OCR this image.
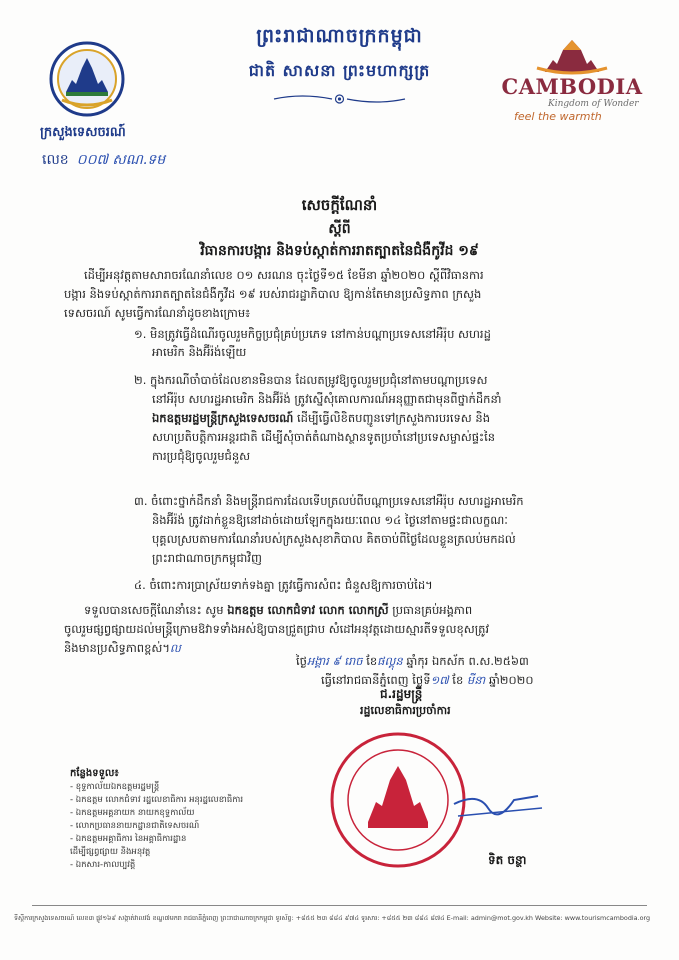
ព្រះរាជាណាចក្រកម្ពុជា
ជាតិ សាសនា ព្រះមហាក្សត្រ
ក្រសួងទេសចរណ៍
លេខ ០០៧ សណ.ទម
CAMBODIA
Kingdom of Wonder
feel the warmth
សេចក្តីណែនាំ
ស្តីពី
វិធានការបង្ការ និងទប់ស្កាត់ការរាតត្បាតនៃជំងឺកូវីដ ១៩
ដើម្បីអនុវត្តតាមសារាចរណែនាំលេខ ០១ សរណន ចុះថ្ងៃទី១៥ ខែមីនា ឆ្នាំ២០២០ ស្តីពីវិធានការ
បង្ការ និងទប់ស្កាត់ការរាតត្បាតនៃជំងឺកូវីដ ១៩ របស់រាជរដ្ឋាភិបាល ឱ្យកាន់តែមានប្រសិទ្ធភាព ក្រសួង
ទេសចរណ៍ សូមធ្វើការណែនាំដូចខាងក្រោម៖
១. មិនត្រូវធ្វើដំណើរចូលរួមកិច្ចប្រជុំគ្រប់ប្រភេទ នៅកាន់បណ្តាប្រទេសនៅអឺរ៉ុប សហរដ្ឋ
អាមេរិក និងអ៊ីរ៉ង់ឡើយ
២. ក្នុងករណីចាំបាច់ដែលខានមិនបាន ដែលតម្រូវឱ្យចូលរួមប្រជុំនៅតាមបណ្តាប្រទេស
នៅអឺរ៉ុប សហរដ្ឋអាមេរិក និងអ៊ីរ៉ង់ ត្រូវស្នើសុំគោលការណ៍អនុញ្ញាតជាមុនពីថ្នាក់ដឹកនាំ
ឯកឧត្តមរដ្ឋមន្ត្រីក្រសួងទេសចរណ៍ ដើម្បីធ្វើលិខិតបញ្ជូនទៅក្រសួងការបរទេស និង
សហប្រតិបត្តិការអន្តរជាតិ ដើម្បីសុំចាត់តំណាងស្ថានទូតប្រចាំនៅប្រទេសម្ចាស់ផ្ទះនៃ
ការប្រជុំឱ្យចូលរួមជំនួស
៣. ចំពោះថ្នាក់ដឹកនាំ និងមន្ត្រីរាជការដែលទើបត្រលប់ពីបណ្តាប្រទេសនៅអឺរ៉ុប សហរដ្ឋអាមេរិក
និងអ៊ីរ៉ង់ ត្រូវដាក់ខ្លួនឱ្យនៅដាច់ដោយឡែកក្នុងរយៈពេល ១៤ ថ្ងៃនៅតាមផ្ទះជាលក្ខណៈ
បុគ្គលស្របតាមការណែនាំរបស់ក្រសួងសុខាភិបាល គិតចាប់ពីថ្ងៃដែលខ្លួនត្រលប់មកដល់
ព្រះរាជាណាចក្រកម្ពុជាវិញ
៤. ចំពោះការប្រាស្រ័យទាក់ទងគ្នា ត្រូវធ្វើការសំពះ ជំនួសឱ្យការចាប់ដៃ។
ទទួលបានសេចក្តីណែនាំនេះ សូម ឯកឧត្តម លោកជំទាវ លោក លោកស្រី ប្រធានគ្រប់អង្គភាព
ចូលរួមផ្សព្វផ្សាយដល់មន្ត្រីក្រោមឱវាទទាំងអស់ឱ្យបានជ្រួតជ្រាប សំដៅអនុវត្តដោយស្មារតីទទួលខុសត្រូវ
និងមានប្រសិទ្ធភាពខ្ពស់។ល
ថ្ងៃអង្គារ ៩ រោច ខែផល្គុន ឆ្នាំកុរ ឯកស័ក ព.ស.២៥៦៣
ធ្វើនៅរាជធានីភ្នំពេញ ថ្ងៃទី១៧ ខែ មីនា ឆ្នាំ២០២០
ជ.រដ្ឋមន្ត្រី
រដ្ឋលេខាធិការប្រចាំការ
ទិត ចន្ថា
កន្លែងទទួល៖
- ខុទ្ទកាល័យឯកឧត្តមរដ្ឋមន្ត្រី
- ឯកឧត្តម លោកជំទាវ រដ្ឋលេខាធិការ អនុរដ្ឋលេខាធិការ
- ឯកឧត្តមអគ្គនាយក នាយកខុទ្ទកាល័យ
- លោកប្រធាននាយកដ្ឋានជាតិទេសចរណ៍
- ឯកឧត្តមអគ្គាធិការ នៃអគ្គាធិការដ្ឋាន
ដើម្បីផ្សព្វផ្សាយ និងអនុវត្ត
- ឯកសារ-កាលប្បវត្តិ
ទីស្តីការក្រសួងទេសចរណ៍ លេខ៣ ផ្លូវ១៦៩ សង្កាត់វាលវង់ ខណ្ឌ៧មករា រាជធានីភ្នំពេញ ព្រះរាជាណាចក្រកម្ពុជា ទូរស័ព្ទ: +៨៥៥ ២៣ ៨៨៤ ៩៧៤ ទូរសារ: +៨៥៥ ២៣ ៨៨៤ ៨៧៤ E-mail: admin@mot.gov.kh Website: www.tourismcambodia.org
